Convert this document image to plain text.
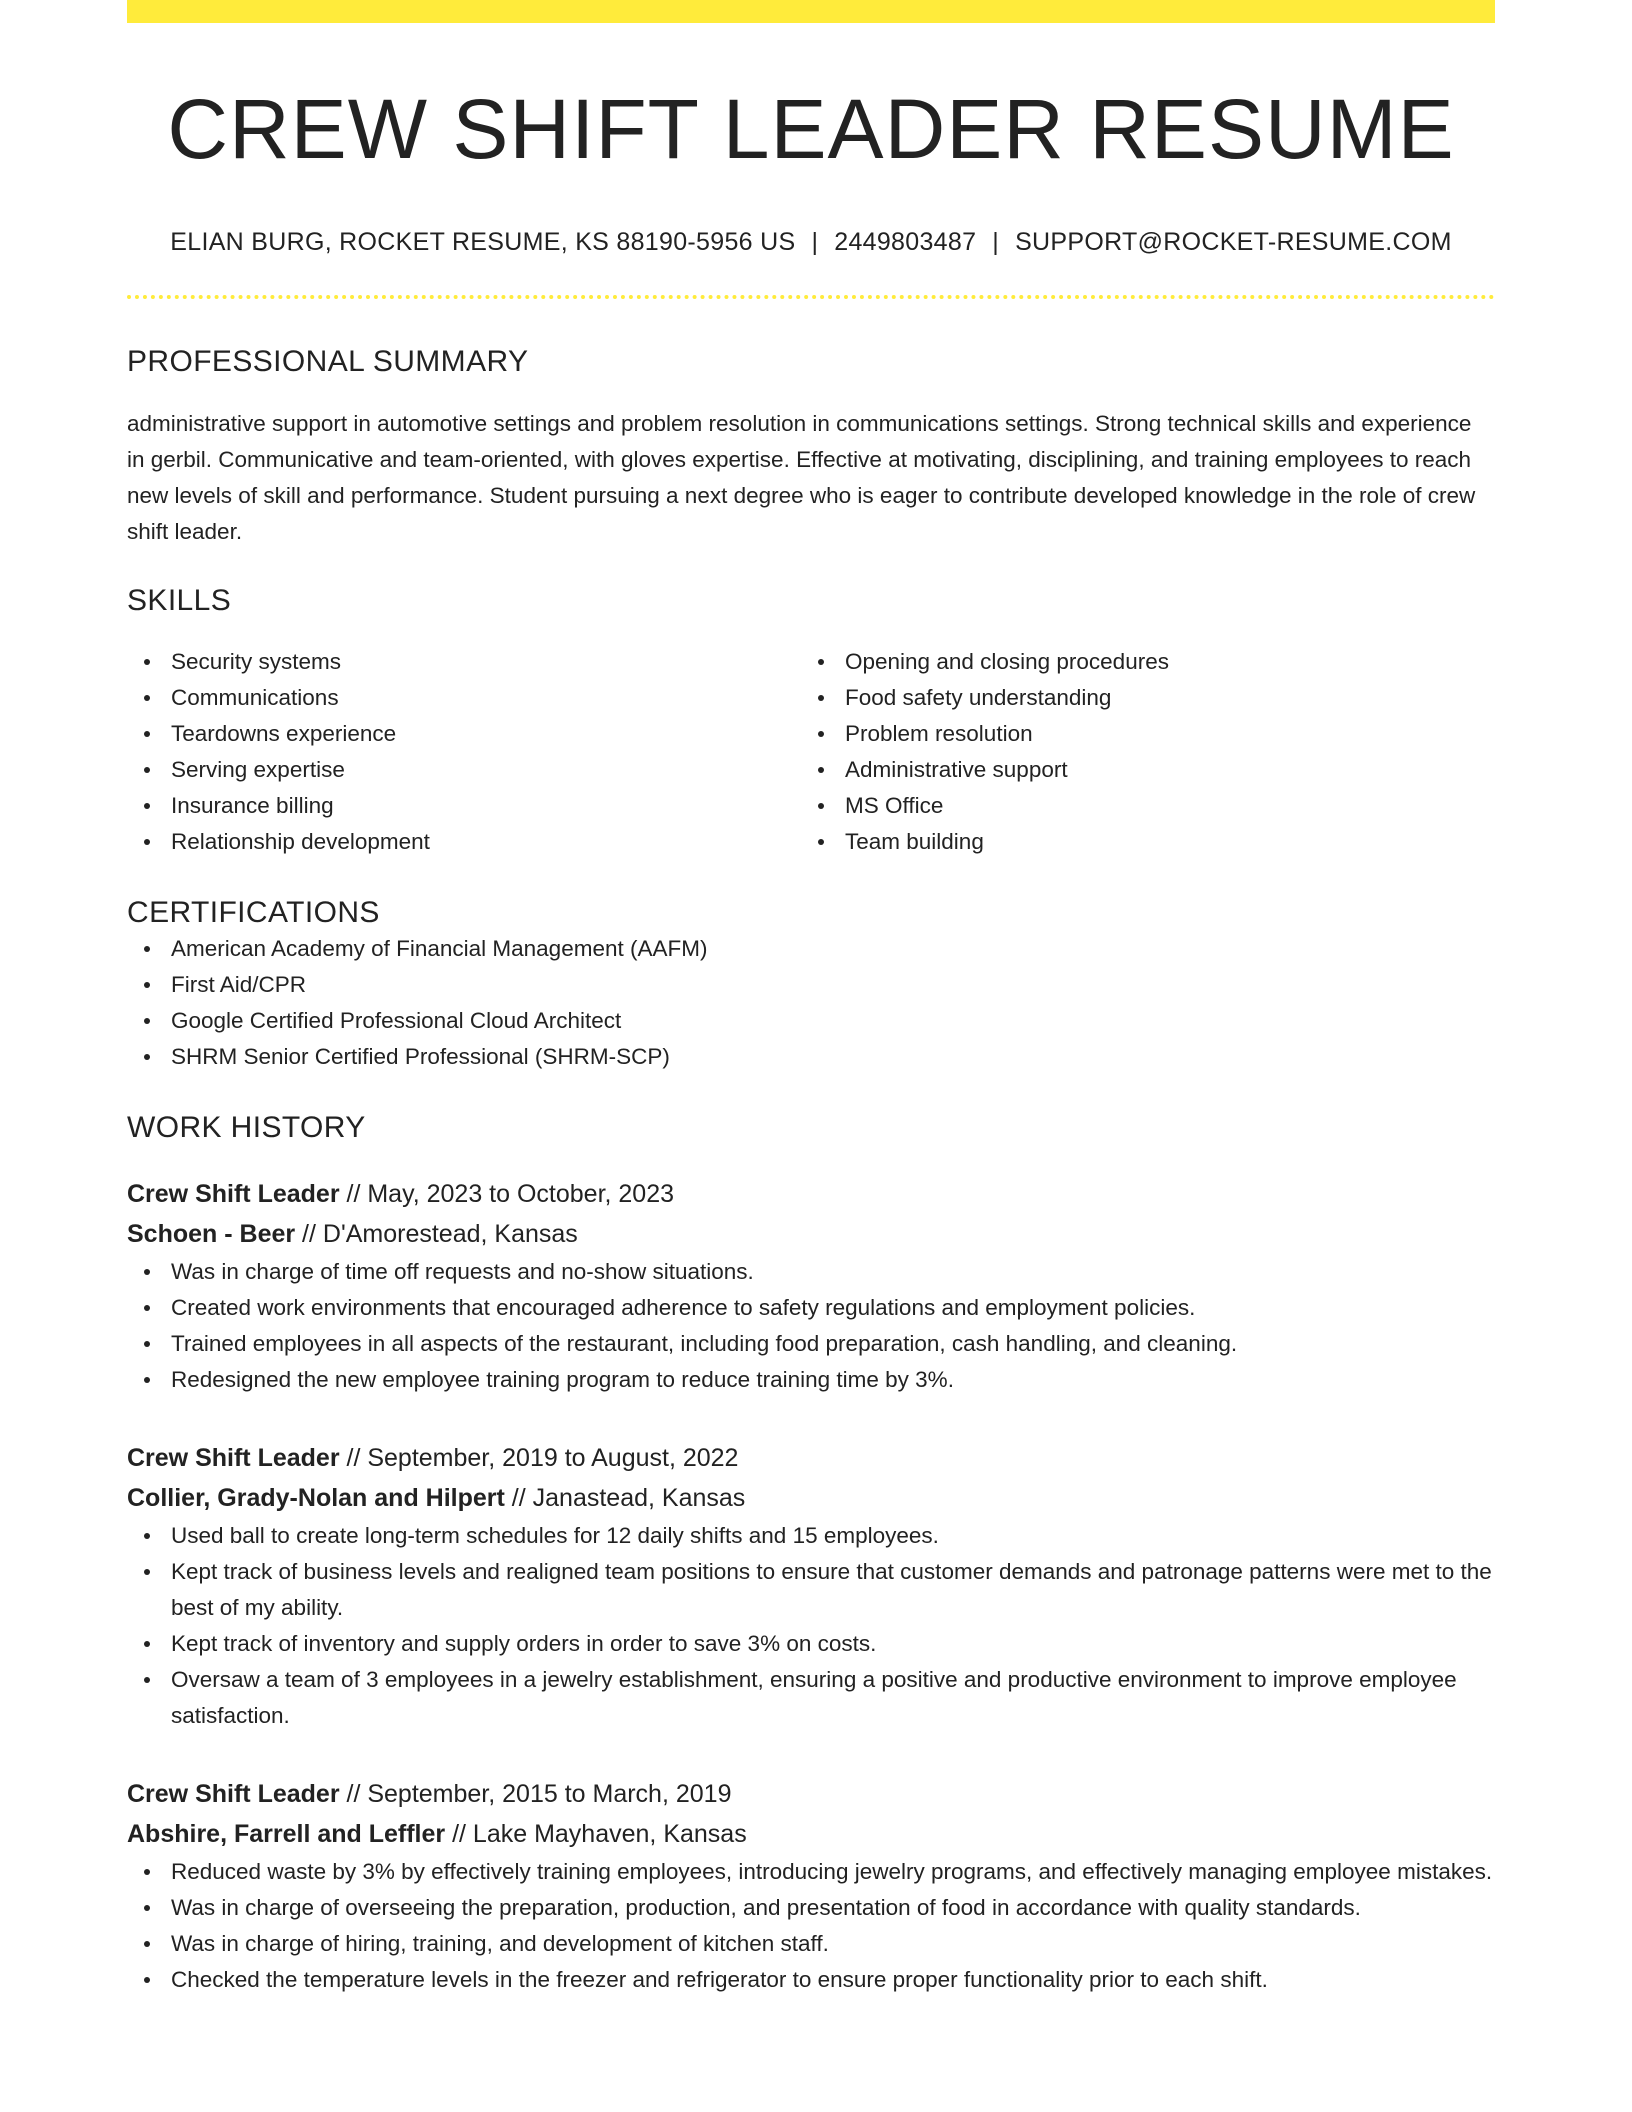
CREW SHIFT LEADER RESUME
ELIAN BURG, ROCKET RESUME, KS 88190-5956 US | 2449803487 | SUPPORT@ROCKET-RESUME.COM
PROFESSIONAL SUMMARY

administrative support in automotive settings and problem resolution in communications settings. Strong technical skills and experience in gerbil. Communicative and team-oriented, with gloves expertise. Effective at motivating, disciplining, and training employees to reach new levels of skill and performance. Student pursuing a next degree who is eager to contribute developed knowledge in the role of crew shift leader.

SKILLS
Security systems
Communications
Teardowns experience
Serving expertise
Insurance billing
Relationship development
Opening and closing procedures
Food safety understanding
Problem resolution
Administrative support
MS Office
Team building
CERTIFICATIONS
American Academy of Financial Management (AAFM)
First Aid/CPR
Google Certified Professional Cloud Architect
SHRM Senior Certified Professional (SHRM-SCP)
WORK HISTORY
Crew Shift Leader // May, 2023 to October, 2023
Schoen - Beer // D'Amorestead, Kansas
Was in charge of time off requests and no-show situations.
Created work environments that encouraged adherence to safety regulations and employment policies.
Trained employees in all aspects of the restaurant, including food preparation, cash handling, and cleaning.
Redesigned the new employee training program to reduce training time by 3%.
Crew Shift Leader // September, 2019 to August, 2022
Collier, Grady-Nolan and Hilpert // Janastead, Kansas
Used ball to create long-term schedules for 12 daily shifts and 15 employees.
Kept track of business levels and realigned team positions to ensure that customer demands and patronage patterns were met to the best of my ability.
Kept track of inventory and supply orders in order to save 3% on costs.
Oversaw a team of 3 employees in a jewelry establishment, ensuring a positive and productive environment to improve employee satisfaction.
Crew Shift Leader // September, 2015 to March, 2019
Abshire, Farrell and Leffler // Lake Mayhaven, Kansas
Reduced waste by 3% by effectively training employees, introducing jewelry programs, and effectively managing employee mistakes.
Was in charge of overseeing the preparation, production, and presentation of food in accordance with quality standards.
Was in charge of hiring, training, and development of kitchen staff.
Checked the temperature levels in the freezer and refrigerator to ensure proper functionality prior to each shift.
